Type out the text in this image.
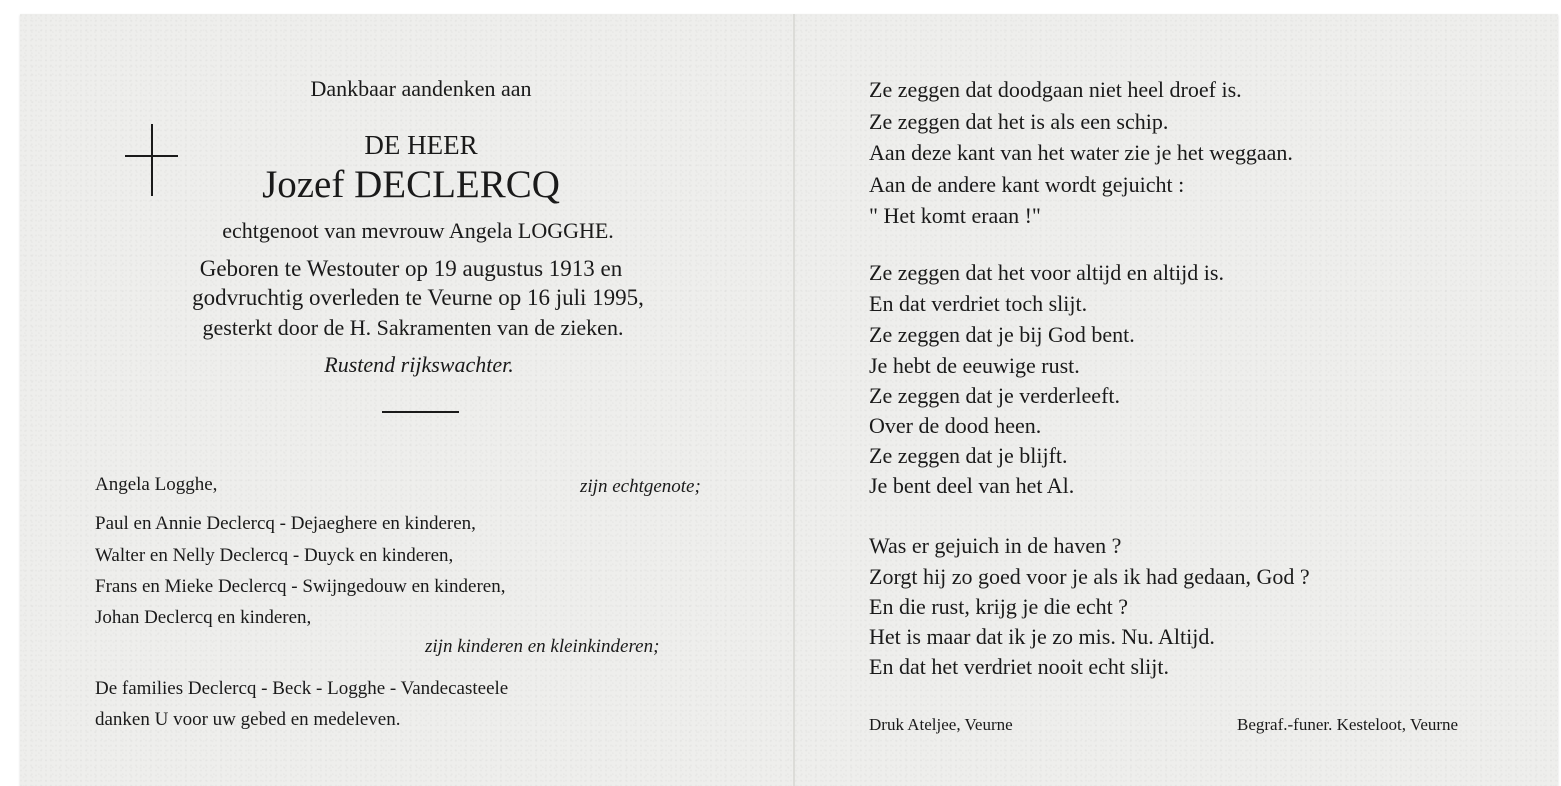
Dankbaar aandenken aan
DE HEER
Jozef DECLERCQ
echtgenoot van mevrouw Angela LOGGHE.
Geboren te Westouter op 19 augustus 1913 en
godvruchtig overleden te Veurne op 16 juli 1995,
gesterkt door de H. Sakramenten van de zieken.
Rustend rijkswachter.
Angela Logghe,	zijn echtgenote;
Paul en Annie Declercq - Dejaeghere en kinderen,
Walter en Nelly Declercq - Duyck en kinderen,
Frans en Mieke Declercq - Swijngedouw en kinderen,
Johan Declercq en kinderen,
zijn kinderen en kleinkinderen;
De families Declercq - Beck - Logghe - Vandecasteele
danken U voor uw gebed en medeleven.
Ze zeggen dat doodgaan niet heel droef is.
Ze zeggen dat het is als een schip.
Aan deze kant van het water zie je het weggaan.
Aan de andere kant wordt gejuicht :
" Het komt eraan !"
Ze zeggen dat het voor altijd en altijd is.
En dat verdriet toch slijt.
Ze zeggen dat je bij God bent.
Je hebt de eeuwige rust.
Ze zeggen dat je verderleeft.
Over de dood heen.
Ze zeggen dat je blijft.
Je bent deel van het Al.
Was er gejuich in de haven ?
Zorgt hij zo goed voor je als ik had gedaan, God ?
En die rust, krijg je die echt ?
Het is maar dat ik je zo mis. Nu. Altijd.
En dat het verdriet nooit echt slijt.
Druk Ateljee, Veurne	Begraf.-funer. Kesteloot, Veurne
